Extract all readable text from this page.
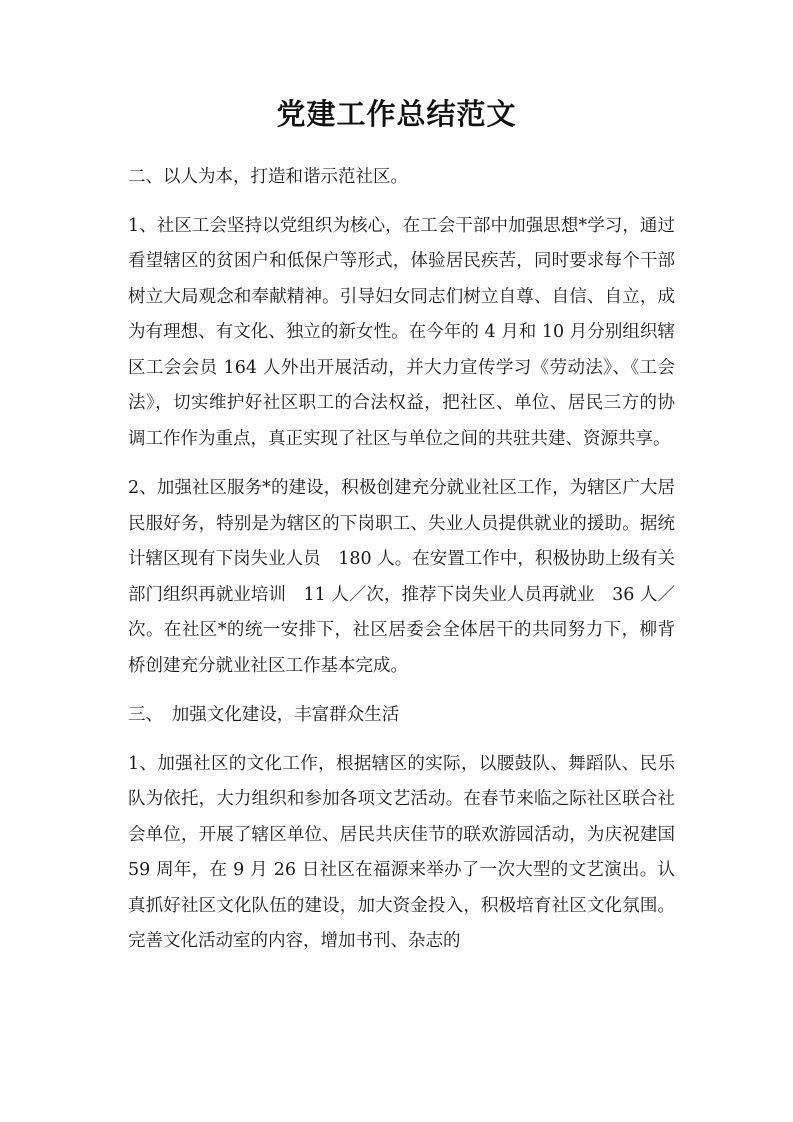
党建工作总结范文

二、以人为本，打造和谐示范社区。

1、社区工会坚持以党组织为核心，在工会干部中加强思想*学习，通过看望辖区的贫困户和低保户等形式，体验居民疾苦，同时要求每个干部树立大局观念和奉献精神。引导妇女同志们树立自尊、自信、自立，成为有理想、有文化、独立的新女性。在今年的 4 月和 10 月分别组织辖区工会会员 164 人外出开展活动，并大力宣传学习《劳动法》、《工会法》，切实维护好社区职工的合法权益，把社区、单位、居民三方的协调工作作为重点，真正实现了社区与单位之间的共驻共建、资源共享。

2、加强社区服务*的建设，积极创建充分就业社区工作，为辖区广大居民服好务，特别是为辖区的下岗职工、失业人员提供就业的援助。据统计辖区现有下岗失业人员　180 人。在安置工作中，积极协助上级有关部门组织再就业培训　11 人／次，推荐下岗失业人员再就业　36 人／次。在社区*的统一安排下，社区居委会全体居干的共同努力下，柳背桥创建充分就业社区工作基本完成。

三、　加强文化建设，丰富群众生活

1、加强社区的文化工作，根据辖区的实际，以腰鼓队、舞蹈队、民乐队为依托，大力组织和参加各项文艺活动。在春节来临之际社区联合社会单位，开展了辖区单位、居民共庆佳节的联欢游园活动，为庆祝建国 59 周年，在 9 月 26 日社区在福源来举办了一次大型的文艺演出。认真抓好社区文化队伍的建设，加大资金投入，积极培育社区文化氛围。完善文化活动室的内容，增加书刊、杂志的
